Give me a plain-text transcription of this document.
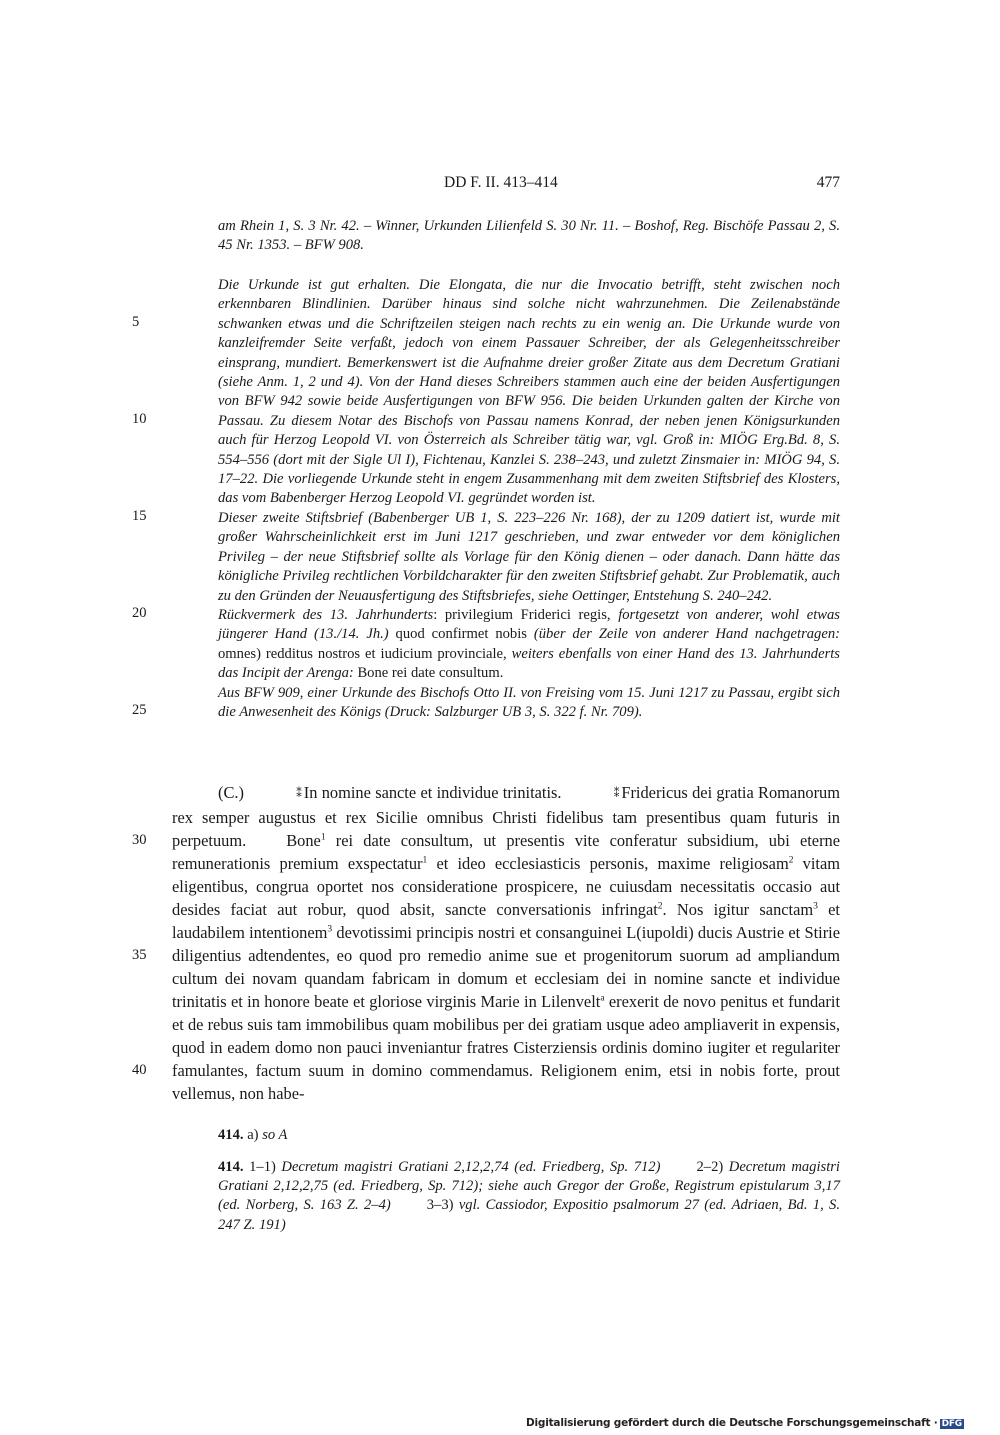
DD F. II. 413–414	477
am Rhein 1, S. 3 Nr. 42. – Winner, Urkunden Lilienfeld S. 30 Nr. 11. – Boshof, Reg. Bischöfe Passau 2, S. 45 Nr. 1353. – BFW 908.
Die Urkunde ist gut erhalten. Die Elongata, die nur die Invocatio betrifft, steht zwischen noch erkennbaren Blindlinien. Darüber hinaus sind solche nicht wahrzunehmen. Die Zeilenabstände schwanken etwas und die Schriftzeilen steigen nach rechts zu ein wenig an. Die Urkunde wurde von kanzleifremder Seite verfaßt, jedoch von einem Passauer Schreiber, der als Gelegenheitsschreiber einsprang, mundiert. Bemerkenswert ist die Aufnahme dreier großer Zitate aus dem Decretum Gratiani (siehe Anm. 1, 2 und 4). Von der Hand dieses Schreibers stammen auch eine der beiden Ausfertigungen von BFW 942 sowie beide Ausfertigungen von BFW 956. Die beiden Urkunden galten der Kirche von Passau. Zu diesem Notar des Bischofs von Passau namens Konrad, der neben jenen Königsurkunden auch für Herzog Leopold VI. von Österreich als Schreiber tätig war, vgl. Groß in: MIÖG Erg.Bd. 8, S. 554–556 (dort mit der Sigle Ul I), Fichtenau, Kanzlei S. 238–243, und zuletzt Zinsmaier in: MIÖG 94, S. 17–22. Die vorliegende Urkunde steht in engem Zusammenhang mit dem zweiten Stiftsbrief des Klosters, das vom Babenberger Herzog Leopold VI. gegründet worden ist.
Dieser zweite Stiftsbrief (Babenberger UB 1, S. 223–226 Nr. 168), der zu 1209 datiert ist, wurde mit großer Wahrscheinlichkeit erst im Juni 1217 geschrieben, und zwar entweder vor dem königlichen Privileg – der neue Stiftsbrief sollte als Vorlage für den König dienen – oder danach. Dann hätte das königliche Privileg rechtlichen Vorbildcharakter für den zweiten Stiftsbrief gehabt. Zur Problematik, auch zu den Gründen der Neuausfertigung des Stiftsbriefes, siehe Oettinger, Entstehung S. 240–242.
Rückvermerk des 13. Jahrhunderts: privilegium Friderici regis, fortgesetzt von anderer, wohl etwas jüngerer Hand (13./14. Jh.) quod confirmet nobis (über der Zeile von anderer Hand nachgetragen: omnes) redditus nostros et iudicium provinciale, weiters ebenfalls von einer Hand des 13. Jahrhunderts das Incipit der Arenga: Bone rei date consultum.
Aus BFW 909, einer Urkunde des Bischofs Otto II. von Freising vom 15. Juni 1217 zu Passau, ergibt sich die Anwesenheit des Königs (Druck: Salzburger UB 3, S. 322 f. Nr. 709).
5
10
15
20
25
30
35
40

(C.)	⁑ In nomine sancte et individue trinitatis.	⁑ Fridericus dei gratia Romanorum rex semper augustus et rex Sicilie omnibus Christi fidelibus tam presentibus quam futuris in perpetuum. Bone$^1$ rei date consultum, ut presentis vite conferatur subsidium, ubi eterne remunerationis premium exspectatur$^1$ et ideo ecclesiasticis personis, maxime religiosam$^2$ vitam eligentibus, congrua oportet nos consideratione prospicere, ne cuiusdam necessitatis occasio aut desides faciat aut robur, quod absit, sancte conversationis infringat$^2$. Nos igitur sanctam$^3$ et laudabilem intentionem$^3$ devotissimi principis nostri et consanguinei L(iupoldi) ducis Austrie et Stirie diligentius adtendentes, eo quod pro remedio anime sue et progenitorum suorum ad ampliandum cultum dei novam quandam fabricam in domum et ecclesiam dei in nomine sancte et individue trinitatis et in honore beate et gloriose virginis Marie in Lilenvelt$^a$ erexerit de novo penitus et fundarit et de rebus suis tam immobilibus quam mobilibus per dei gratiam usque adeo ampliaverit in expensis, quod in eadem domo non pauci inveniantur fratres Cisterziensis ordinis domino iugiter et regulariter famulantes, factum suum in domino commendamus. Religionem enim, etsi in nobis forte, prout vellemus, non habe-

414. a) so A

414. 1–1) Decretum magistri Gratiani 2,12,2,74 (ed. Friedberg, Sp. 712) 2–2) Decretum magistri Gratiani 2,12,2,75 (ed. Friedberg, Sp. 712); siehe auch Gregor der Große, Registrum epistularum 3,17 (ed. Norberg, S. 163 Z. 2–4) 3–3) vgl. Cassiodor, Expositio psalmorum 27 (ed. Adriaen, Bd. 1, S. 247 Z. 191)

Digitalisierung gefördert durch die Deutsche Forschungsgemeinschaft · DFG
